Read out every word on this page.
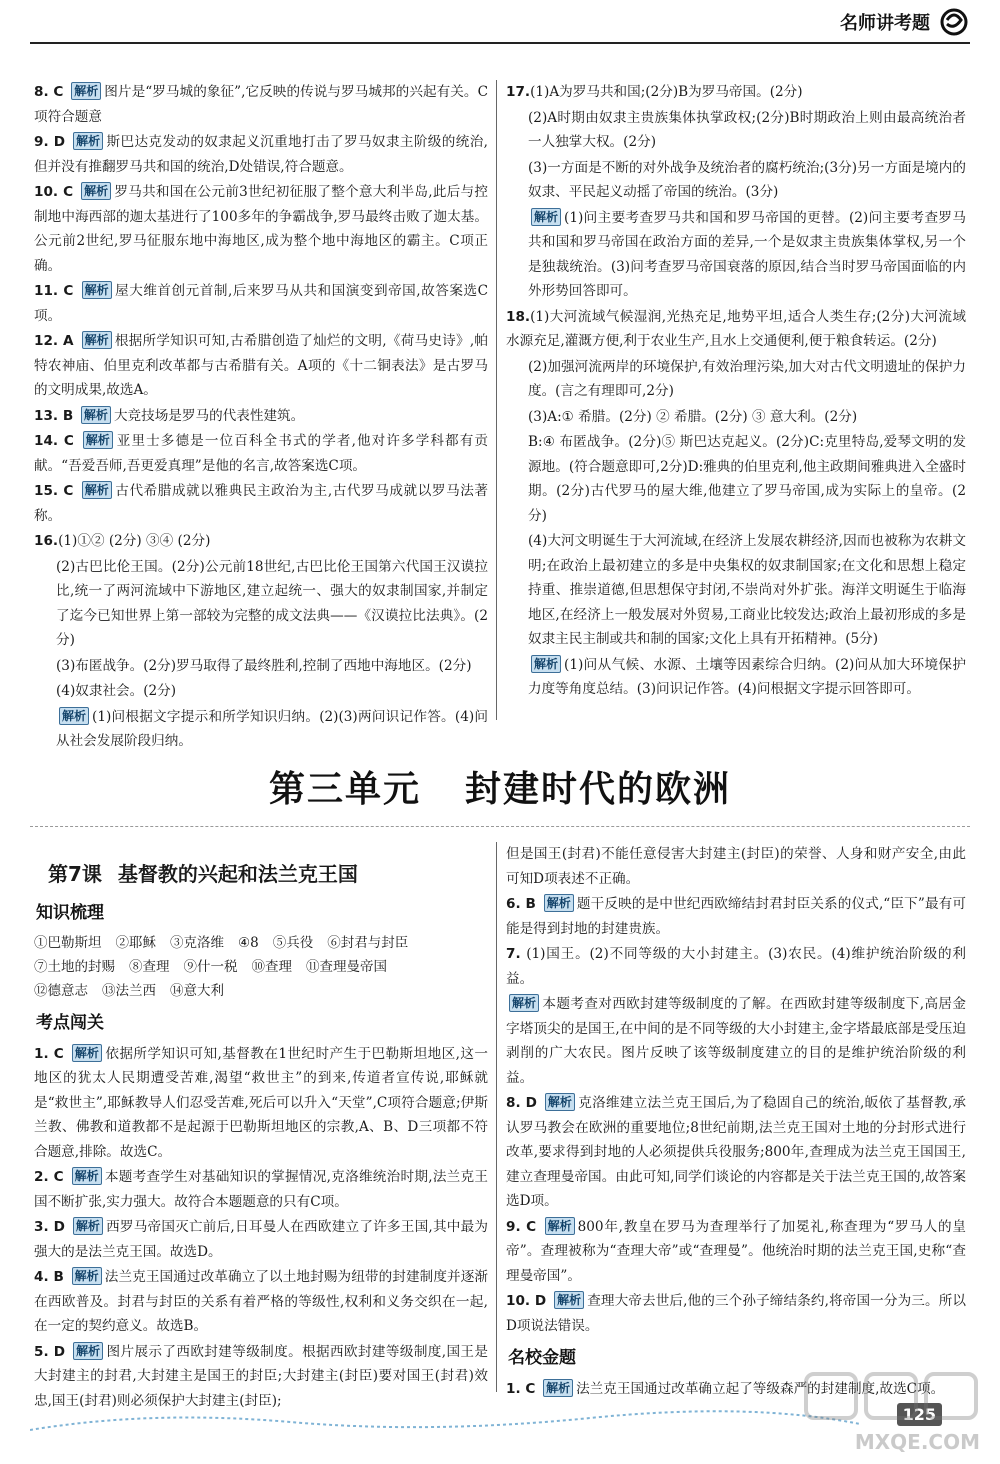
名师讲考题
8. C 解析 图片是“罗马城的象征”,它反映的传说与罗马城邦的兴起有关。C项符合题意
9. D 解析 斯巴达克发动的奴隶起义沉重地打击了罗马奴隶主阶级的统治,但并没有推翻罗马共和国的统治,D处错误,符合题意。
10. C 解析 罗马共和国在公元前3世纪初征服了整个意大利半岛,此后与控制地中海西部的迦太基进行了100多年的争霸战争,罗马最终击败了迦太基。公元前2世纪,罗马征服东地中海地区,成为整个地中海地区的霸主。C项正确。
11. C 解析 屋大维首创元首制,后来罗马从共和国演变到帝国,故答案选C项。
12. A 解析 根据所学知识可知,古希腊创造了灿烂的文明,《荷马史诗》,帕特农神庙、伯里克利改革都与古希腊有关。A项的《十二铜表法》是古罗马的文明成果,故选A。
13. B 解析 大竞技场是罗马的代表性建筑。
14. C 解析 亚里士多德是一位百科全书式的学者,他对许多学科都有贡献。“吾爱吾师,吾更爱真理”是他的名言,故答案选C项。
15. C 解析 古代希腊成就以雅典民主政治为主,古代罗马成就以罗马法著称。
16.(1)①② (2分) ③④ (2分)
(2)古巴比伦王国。(2分)公元前18世纪,古巴比伦王国第六代国王汉谟拉比,统一了两河流域中下游地区,建立起统一、强大的奴隶制国家,并制定了迄今已知世界上第一部较为完整的成文法典——《汉谟拉比法典》。(2分)
(3)布匿战争。(2分)罗马取得了最终胜利,控制了西地中海地区。(2分)
(4)奴隶社会。(2分)
解析 (1)问根据文字提示和所学知识归纳。(2)(3)两问识记作答。(4)问从社会发展阶段归纳。
17.(1)A为罗马共和国;(2分)B为罗马帝国。(2分)
(2)A时期由奴隶主贵族集体执掌政权;(2分)B时期政治上则由最高统治者一人独掌大权。(2分)
(3)一方面是不断的对外战争及统治者的腐朽统治;(3分)另一方面是境内的奴隶、平民起义动摇了帝国的统治。(3分)
解析 (1)问主要考查罗马共和国和罗马帝国的更替。(2)问主要考查罗马共和国和罗马帝国在政治方面的差异,一个是奴隶主贵族集体掌权,另一个是独裁统治。(3)问考查罗马帝国衰落的原因,结合当时罗马帝国面临的内外形势回答即可。
18.(1)大河流域气候湿润,光热充足,地势平坦,适合人类生存;(2分)大河流域水源充足,灌溉方便,利于农业生产,且水上交通便利,便于粮食转运。(2分)
(2)加强河流两岸的环境保护,有效治理污染,加大对古代文明遗址的保护力度。(言之有理即可,2分)
(3)A:① 希腊。(2分) ② 希腊。(2分) ③ 意大利。(2分)
B:④ 布匿战争。(2分)⑤ 斯巴达克起义。(2分)C:克里特岛,爱琴文明的发源地。(符合题意即可,2分)D:雅典的伯里克利,他主政期间雅典进入全盛时期。(2分)古代罗马的屋大维,他建立了罗马帝国,成为实际上的皇帝。(2分)
(4)大河文明诞生于大河流域,在经济上发展农耕经济,因而也被称为农耕文明;在政治上最初建立的多是中央集权的奴隶制国家;在文化和思想上稳定持重、推崇道德,但思想保守封闭,不崇尚对外扩张。海洋文明诞生于临海地区,在经济上一般发展对外贸易,工商业比较发达;政治上最初形成的多是奴隶主民主制或共和制的国家;文化上具有开拓精神。(5分)
解析 (1)问从气候、水源、土壤等因素综合归纳。(2)问从加大环境保护力度等角度总结。(3)问识记作答。(4)问根据文字提示回答即可。
第三单元 封建时代的欧洲
第7课 基督教的兴起和法兰克王国
知识梳理
①巴勒斯坦 ②耶稣 ③克洛维 ④8 ⑤兵役 ⑥封君与封臣
⑦土地的封赐 ⑧查理 ⑨什一税 ⑩查理 ⑪查理曼帝国
⑫德意志 ⑬法兰西 ⑭意大利
考点闯关
1. C 解析 依据所学知识可知,基督教在1世纪时产生于巴勒斯坦地区,这一地区的犹太人民期遭受苦难,渴望“救世主”的到来,传道者宣传说,耶稣就是“救世主”,耶稣教导人们忍受苦难,死后可以升入“天堂”,C项符合题意;伊斯兰教、佛教和道教都不是起源于巴勒斯坦地区的宗教,A、B、D三项都不符合题意,排除。故选C。
2. C 解析 本题考查学生对基础知识的掌握情况,克洛维统治时期,法兰克王国不断扩张,实力强大。故符合本题题意的只有C项。
3. D 解析 西罗马帝国灭亡前后,日耳曼人在西欧建立了许多王国,其中最为强大的是法兰克王国。故选D。
4. B 解析 法兰克王国通过改革确立了以土地封赐为纽带的封建制度并逐渐在西欧普及。封君与封臣的关系有着严格的等级性,权利和义务交织在一起,在一定的契约意义。故选B。
5. D 解析 图片展示了西欧封建等级制度。根据西欧封建等级制度,国王是大封建主的封君,大封建主是国王的封臣;大封建主(封臣)要对国王(封君)效忠,国王(封君)则必须保护大封建主(封臣);
但是国王(封君)不能任意侵害大封建主(封臣)的荣誉、人身和财产安全,由此可知D项表述不正确。
6. B 解析 题干反映的是中世纪西欧缔结封君封臣关系的仪式,“臣下”最有可能是得到封地的封建贵族。
7. (1)国王。(2)不同等级的大小封建主。(3)农民。(4)维护统治阶级的利益。
解析 本题考查对西欧封建等级制度的了解。在西欧封建等级制度下,高居金字塔顶尖的是国王,在中间的是不同等级的大小封建主,金字塔最底部是受压迫剥削的广大农民。图片反映了该等级制度建立的目的是维护统治阶级的利益。
8. D 解析 克洛维建立法兰克王国后,为了稳固自己的统治,皈依了基督教,承认罗马教会在欧洲的重要地位;8世纪前期,法兰克王国对土地的分封形式进行改革,要求得到封地的人必须提供兵役服务;800年,查理成为法兰克王国国王,建立查理曼帝国。由此可知,同学们谈论的内容都是关于法兰克王国的,故答案选D项。
9. C 解析 800年,教皇在罗马为查理举行了加冕礼,称查理为“罗马人的皇帝”。查理被称为“查理大帝”或“查理曼”。他统治时期的法兰克王国,史称“查理曼帝国”。
10. D 解析 查理大帝去世后,他的三个孙子缔结条约,将帝国一分为三。所以D项说法错误。
名校金题
1. C 解析 法兰克王国通过改革确立起了等级森严的封建制度,故选C项。
125
MXQE.COM
